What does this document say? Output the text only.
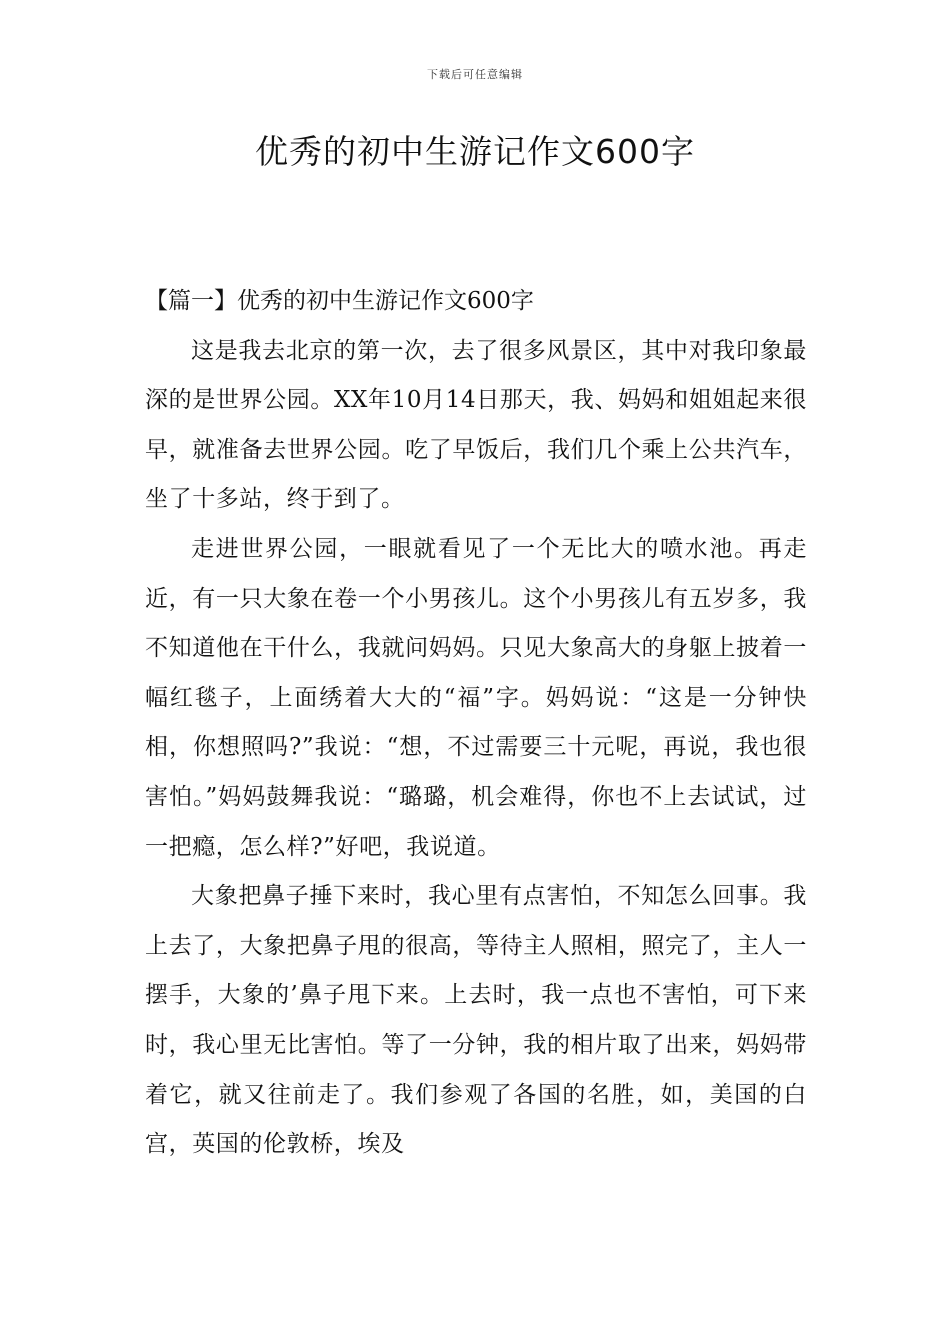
下载后可任意编辑
优秀的初中生游记作文600字

【篇一】优秀的初中生游记作文600字

这是我去北京的第一次，去了很多风景区，其中对我印象最深的是世界公园。XX年10月14日那天，我、妈妈和姐姐起来很早，就准备去世界公园。吃了早饭后，我们几个乘上公共汽车，坐了十多站，终于到了。

走进世界公园，一眼就看见了一个无比大的喷水池。再走近，有一只大象在卷一个小男孩儿。这个小男孩儿有五岁多，我不知道他在干什么，我就问妈妈。只见大象高大的身躯上披着一幅红毯子，上面绣着大大的“福”字。妈妈说：“这是一分钟快相，你想照吗?”我说：“想，不过需要三十元呢，再说，我也很害怕。”妈妈鼓舞我说：“璐璐，机会难得，你也不上去试试，过一把瘾，怎么样?”好吧，我说道。

大象把鼻子捶下来时，我心里有点害怕，不知怎么回事。我上去了，大象把鼻子甩的很高，等待主人照相，照完了，主人一摆手，大象的’鼻子甩下来。上去时，我一点也不害怕，可下来时，我心里无比害怕。等了一分钟，我的相片取了出来，妈妈带着它，就又往前走了。我们参观了各国的名胜，如，美国的白宫，英国的伦敦桥，埃及
